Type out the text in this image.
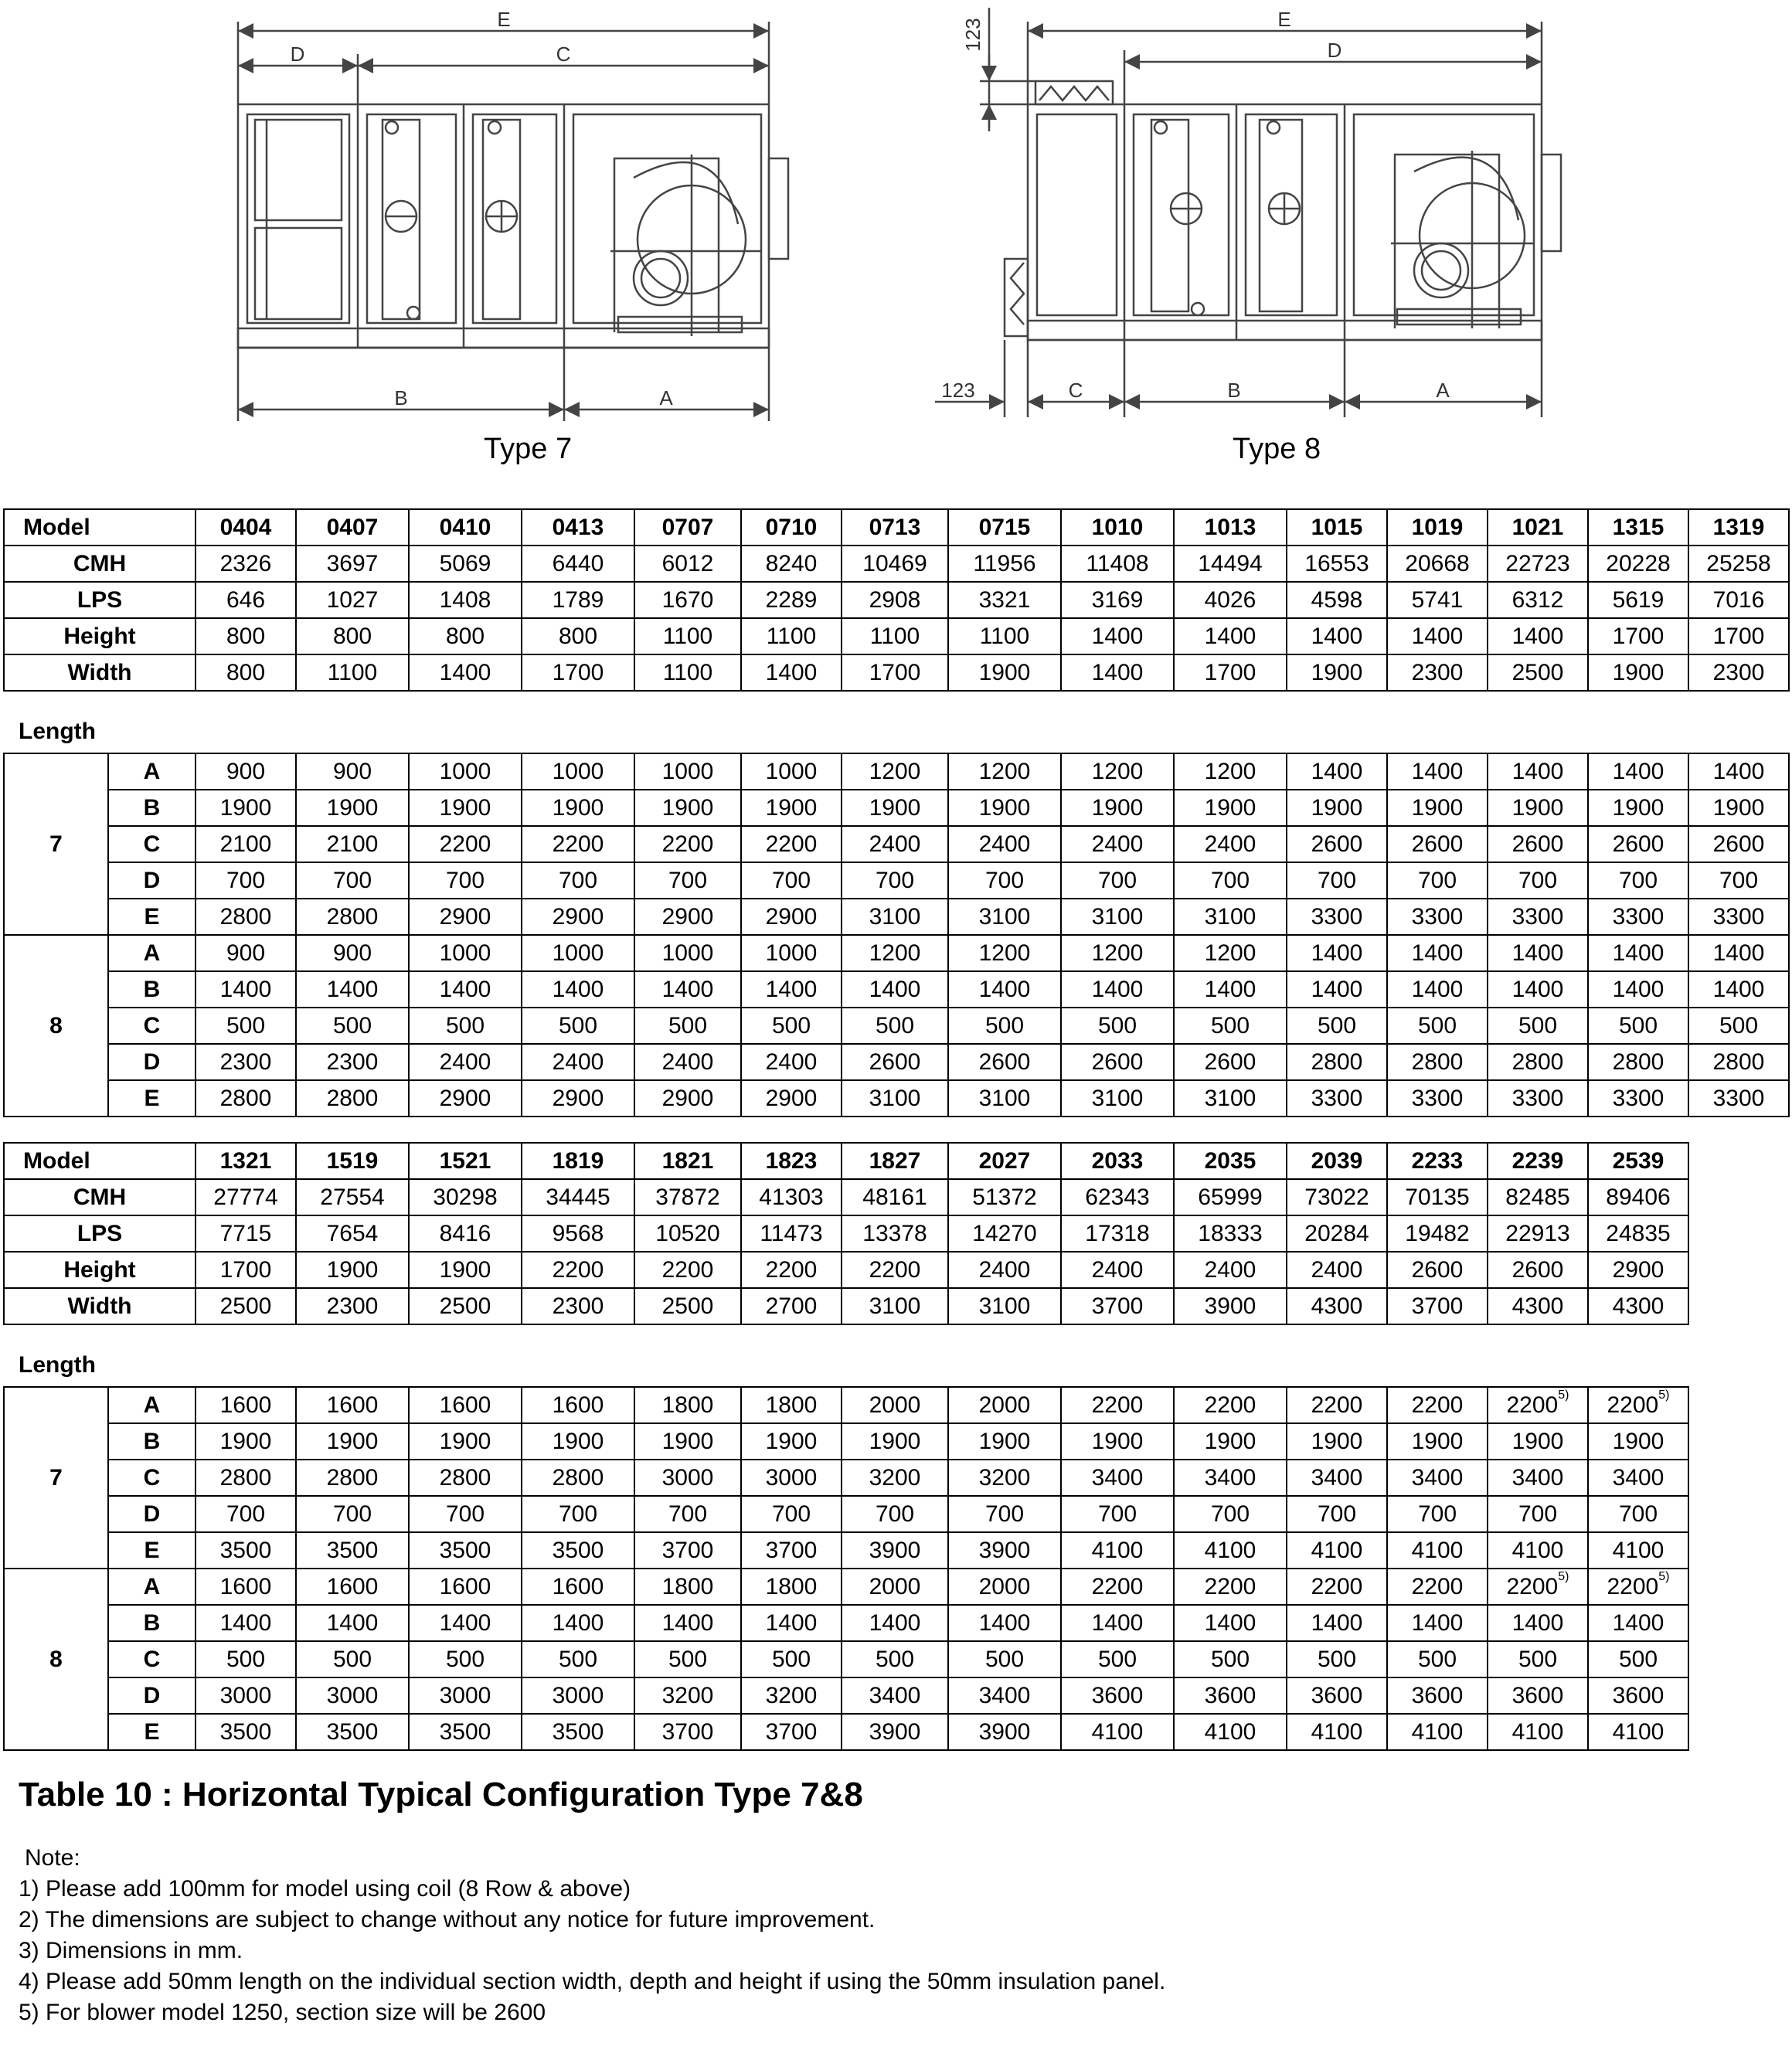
E
D	C
B	A
E
D
C	B	A
123
123
Type 7	Type 8
Model	0404	0407	0410	0413	0707	0710	0713	0715	1010	1013	1015	1019	1021	1315	1319
CMH	2326	3697	5069	6440	6012	8240	10469	11956	11408	14494	16553	20668	22723	20228	25258
LPS	646	1027	1408	1789	1670	2289	2908	3321	3169	4026	4598	5741	6312	5619	7016
Height	800	800	800	800	1100	1100	1100	1100	1400	1400	1400	1400	1400	1700	1700
Width	800	1100	1400	1700	1100	1400	1700	1900	1400	1700	1900	2300	2500	1900	2300
Length
7	A	900	900	1000	1000	1000	1000	1200	1200	1200	1200	1400	1400	1400	1400	1400
	B	1900	1900	1900	1900	1900	1900	1900	1900	1900	1900	1900	1900	1900	1900	1900
	C	2100	2100	2200	2200	2200	2200	2400	2400	2400	2400	2600	2600	2600	2600	2600
	D	700	700	700	700	700	700	700	700	700	700	700	700	700	700	700
	E	2800	2800	2900	2900	2900	2900	3100	3100	3100	3100	3300	3300	3300	3300	3300
8	A	900	900	1000	1000	1000	1000	1200	1200	1200	1200	1400	1400	1400	1400	1400
	B	1400	1400	1400	1400	1400	1400	1400	1400	1400	1400	1400	1400	1400	1400	1400
	C	500	500	500	500	500	500	500	500	500	500	500	500	500	500	500
	D	2300	2300	2400	2400	2400	2400	2600	2600	2600	2600	2800	2800	2800	2800	2800
	E	2800	2800	2900	2900	2900	2900	3100	3100	3100	3100	3300	3300	3300	3300	3300
Model	1321	1519	1521	1819	1821	1823	1827	2027	2033	2035	2039	2233	2239	2539
CMH	27774	27554	30298	34445	37872	41303	48161	51372	62343	65999	73022	70135	82485	89406
LPS	7715	7654	8416	9568	10520	11473	13378	14270	17318	18333	20284	19482	22913	24835
Height	1700	1900	1900	2200	2200	2200	2200	2400	2400	2400	2400	2600	2600	2900
Width	2500	2300	2500	2300	2500	2700	3100	3100	3700	3900	4300	3700	4300	4300
Length
7	A	1600	1600	1600	1600	1800	1800	2000	2000	2200	2200	2200	2200	2200$^{5)}$	2200$^{5)}$
	B	1900	1900	1900	1900	1900	1900	1900	1900	1900	1900	1900	1900	1900	1900
	C	2800	2800	2800	2800	3000	3000	3200	3200	3400	3400	3400	3400	3400	3400
	D	700	700	700	700	700	700	700	700	700	700	700	700	700	700
	E	3500	3500	3500	3500	3700	3700	3900	3900	4100	4100	4100	4100	4100	4100
8	A	1600	1600	1600	1600	1800	1800	2000	2000	2200	2200	2200	2200	2200$^{5)}$	2200$^{5)}$
	B	1400	1400	1400	1400	1400	1400	1400	1400	1400	1400	1400	1400	1400	1400
	C	500	500	500	500	500	500	500	500	500	500	500	500	500	500
	D	3000	3000	3000	3000	3200	3200	3400	3400	3600	3600	3600	3600	3600	3600
	E	3500	3500	3500	3500	3700	3700	3900	3900	4100	4100	4100	4100	4100	4100
Table 10 : Horizontal Typical Configuration Type 7&8
Note:
1) Please add 100mm for model using coil (8 Row & above)
2) The dimensions are subject to change without any notice for future improvement.
3) Dimensions in mm.
4) Please add 50mm length on the individual section width, depth and height if using the 50mm insulation panel.
5) For blower model 1250, section size will be 2600
